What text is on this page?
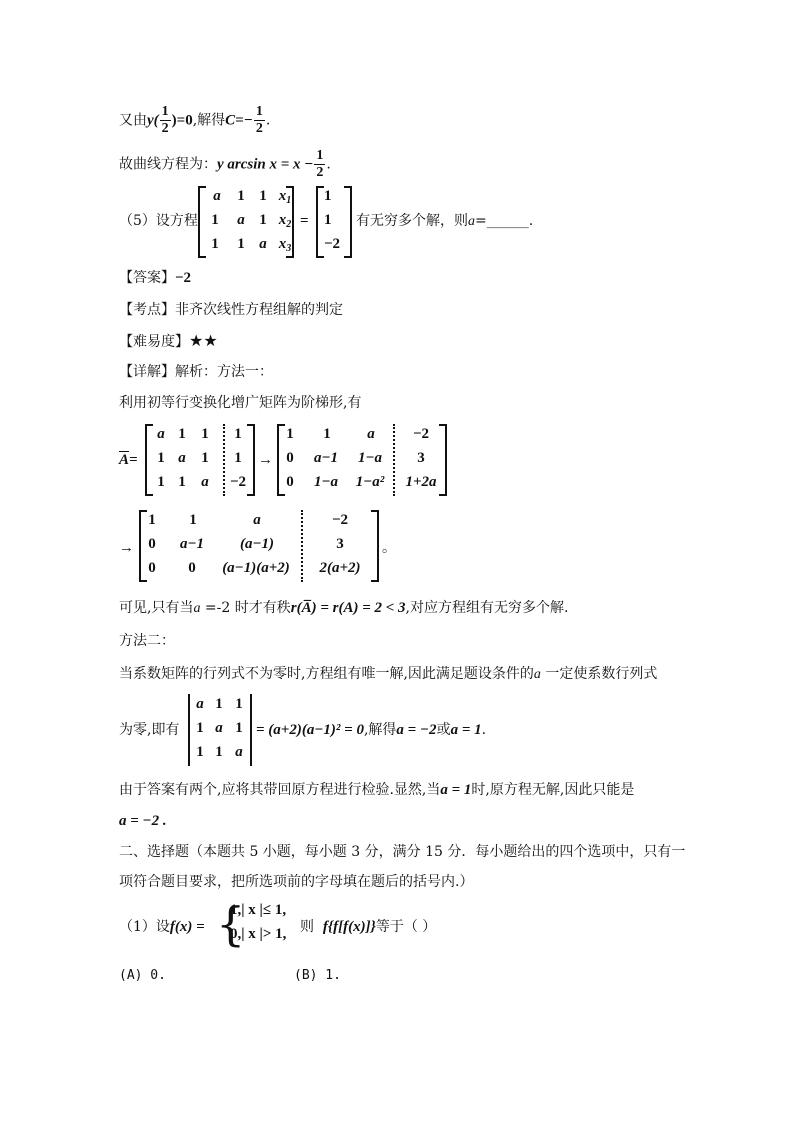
又由$y( \frac{1}{2} )=0$,解得$C=- \frac{1}{2}$ .
故曲线方程为：y $\arcsin x = x - \frac{1}{2}$ .
（5）设方程
a	1 1
1	a 1
1 1 a
$x_1$
$x_2$
$x_3$
=
1
1
−2
有无穷多个解，则a=______.
【答案】−2
【考点】非齐次线性方程组解的判定
【难易度】★★
【详解】解析：方法一：
利用初等行变换化增广矩阵为阶梯形,有
$\overline{A}=$
a 1 1	1
1 a 1	1
1 1 a	−2
→
1	1	a	−2
0	a−1	1−a	3
0	1−a	1−a²	1+2a
→
1	1	a	−2
0	a−1	(a−1)	3
0	0	(a−1)(a+2)	2(a+2)
。
可见,只有当a =-2 时才有秩r(A̅) = r(A) = 2 < 3,对应方程组有无穷多个解.
方法二：
当系数矩阵的行列式不为零时,方程组有唯一解,因此满足题设条件的a 一定使系数行列式
为零,即有
a 1 1
1 a 1
1 1 a
= (a+2)(a−1)² = 0,解得a = −2或a = 1.
由于答案有两个,应将其带回原方程进行检验.显然,当a = 1时,原方程无解,因此只能是
a = −2 .
二、选择题（本题共 5 小题，每小题 3 分，满分 15 分．每小题给出的四个选项中，只有一
项符合题目要求，把所选项前的字母填在题后的括号内.）
（1）设f(x) = {
1,| x |≤ 1,
0,| x |> 1, 则 f{f[f(x)]}等于（ ）
(A) 0.	(B) 1.
